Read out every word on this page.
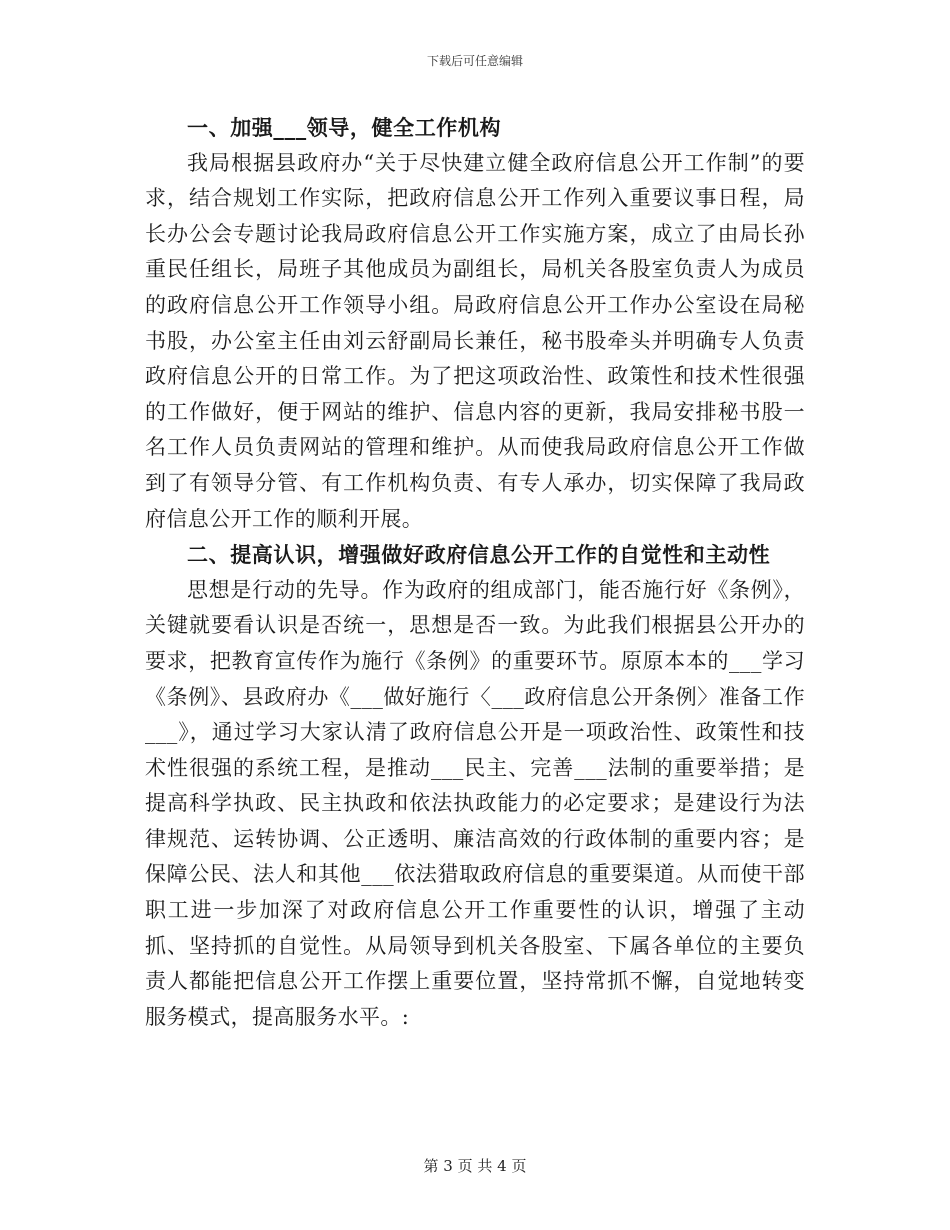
下载后可任意编辑

一、加强___领导，健全工作机构

我局根据县政府办“关于尽快建立健全政府信息公开工作制”的要求，结合规划工作实际，把政府信息公开工作列入重要议事日程，局长办公会专题讨论我局政府信息公开工作实施方案，成立了由局长孙重民任组长，局班子其他成员为副组长，局机关各股室负责人为成员的政府信息公开工作领导小组。局政府信息公开工作办公室设在局秘书股，办公室主任由刘云舒副局长兼任，秘书股牵头并明确专人负责政府信息公开的日常工作。为了把这项政治性、政策性和技术性很强的工作做好，便于网站的维护、信息内容的更新，我局安排秘书股一名工作人员负责网站的管理和维护。从而使我局政府信息公开工作做到了有领导分管、有工作机构负责、有专人承办，切实保障了我局政府信息公开工作的顺利开展。

二、提高认识，增强做好政府信息公开工作的自觉性和主动性

思想是行动的先导。作为政府的组成部门，能否施行好《条例》，关键就要看认识是否统一，思想是否一致。为此我们根据县公开办的要求，把教育宣传作为施行《条例》的重要环节。原原本本的___学习《条例》、县政府办《___做好施行〈___政府信息公开条例〉准备工作___》，通过学习大家认清了政府信息公开是一项政治性、政策性和技术性很强的系统工程，是推动___民主、完善___法制的重要举措；是提高科学执政、民主执政和依法执政能力的必定要求；是建设行为法律规范、运转协调、公正透明、廉洁高效的行政体制的重要内容；是保障公民、法人和其他___依法猎取政府信息的重要渠道。从而使干部职工进一步加深了对政府信息公开工作重要性的认识，增强了主动抓、坚持抓的自觉性。从局领导到机关各股室、下属各单位的主要负责人都能把信息公开工作摆上重要位置，坚持常抓不懈，自觉地转变服务模式，提高服务水平。:

第 3 页 共 4 页
